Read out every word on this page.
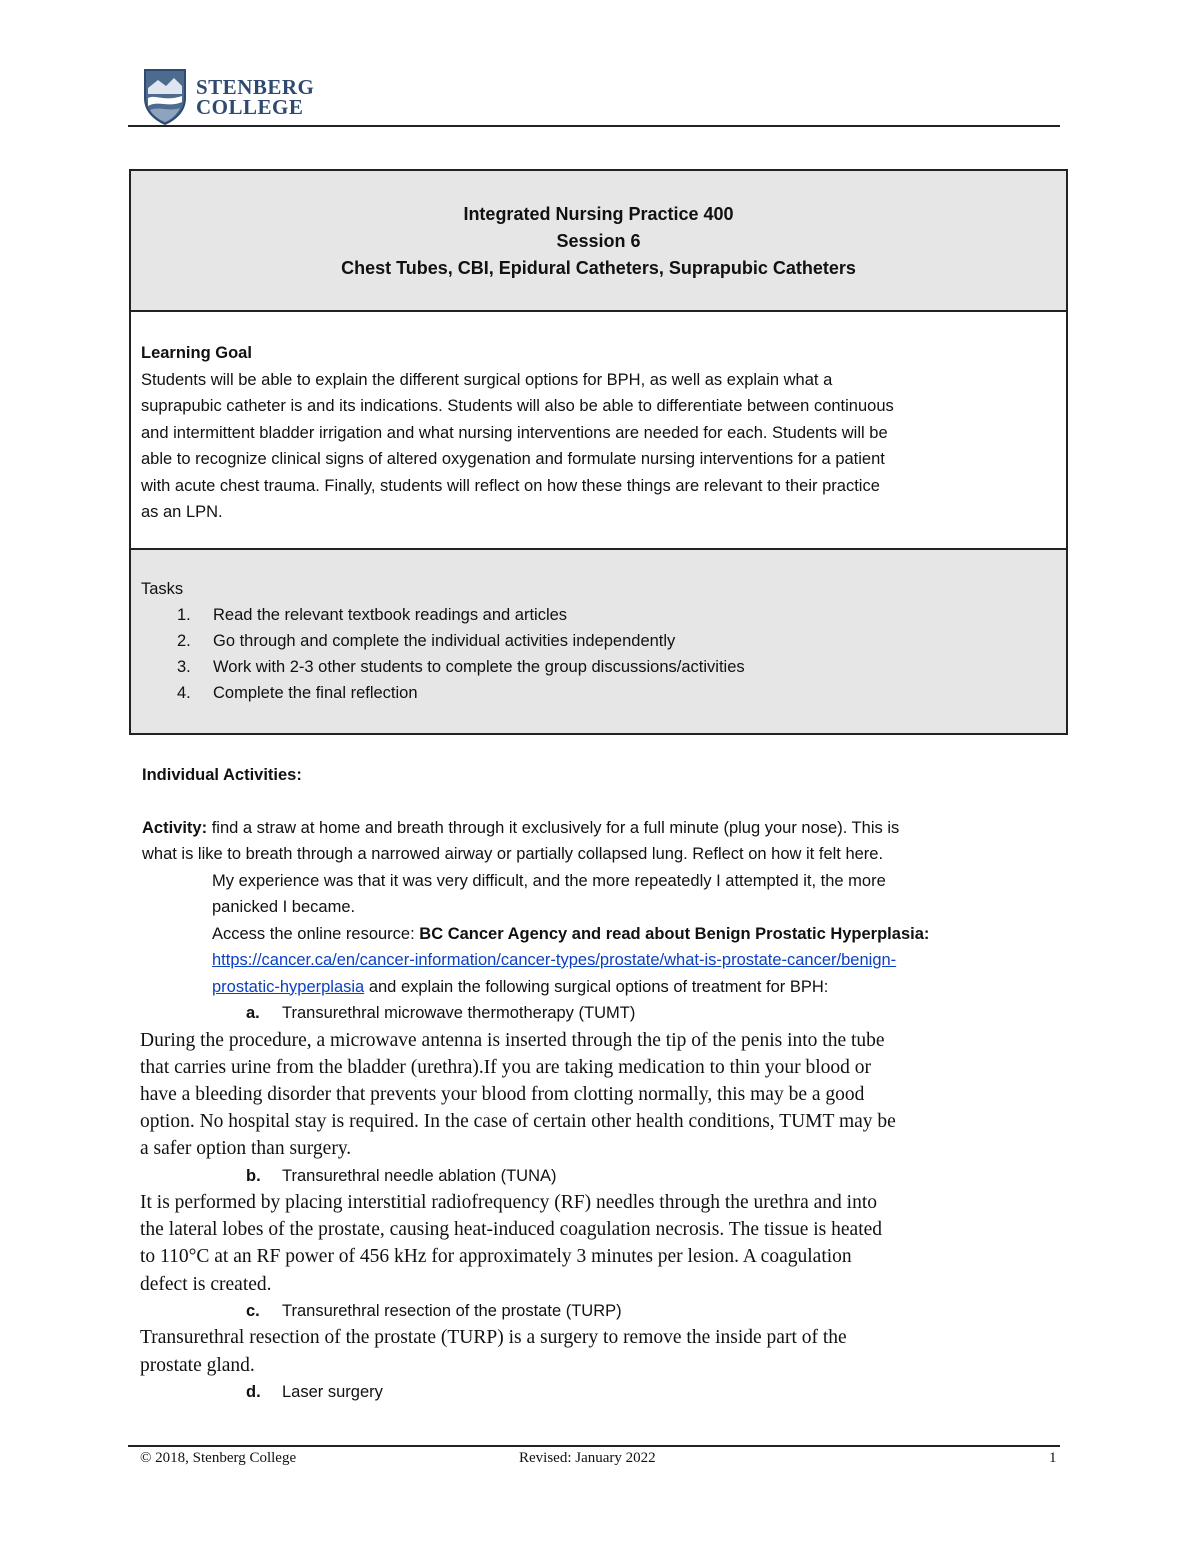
STENBERG
COLLEGE
Integrated Nursing Practice 400
Session 6
Chest Tubes, CBI, Epidural Catheters, Suprapubic Catheters
Learning Goal
Students will be able to explain the different surgical options for BPH, as well as explain what a
suprapubic catheter is and its indications. Students will also be able to differentiate between continuous
and intermittent bladder irrigation and what nursing interventions are needed for each. Students will be
able to recognize clinical signs of altered oxygenation and formulate nursing interventions for a patient
with acute chest trauma. Finally, students will reflect on how these things are relevant to their practice
as an LPN.
Tasks
1. Read the relevant textbook readings and articles
2. Go through and complete the individual activities independently
3. Work with 2-3 other students to complete the group discussions/activities
4. Complete the final reflection

Individual Activities:

Activity: find a straw at home and breath through it exclusively for a full minute (plug your nose). This is

what is like to breath through a narrowed airway or partially collapsed lung. Reflect on how it felt here.

My experience was that it was very difficult, and the more repeatedly I attempted it, the more

panicked I became.

Access the online resource: BC Cancer Agency and read about Benign Prostatic Hyperplasia:

https://cancer.ca/en/cancer-information/cancer-types/prostate/what-is-prostate-cancer/benign-

prostatic-hyperplasia and explain the following surgical options of treatment for BPH:

a. Transurethral microwave thermotherapy (TUMT)

During the procedure, a microwave antenna is inserted through the tip of the penis into the tube

that carries urine from the bladder (urethra).If you are taking medication to thin your blood or

have a bleeding disorder that prevents your blood from clotting normally, this may be a good

option. No hospital stay is required. In the case of certain other health conditions, TUMT may be

a safer option than surgery.

b. Transurethral needle ablation (TUNA)

It is performed by placing interstitial radiofrequency (RF) needles through the urethra and into

the lateral lobes of the prostate, causing heat-induced coagulation necrosis. The tissue is heated

to 110°C at an RF power of 456 kHz for approximately 3 minutes per lesion. A coagulation

defect is created.

c. Transurethral resection of the prostate (TURP)

Transurethral resection of the prostate (TURP) is a surgery to remove the inside part of the

prostate gland.

d. Laser surgery

© 2018, Stenberg College	Revised: January 2022	1
